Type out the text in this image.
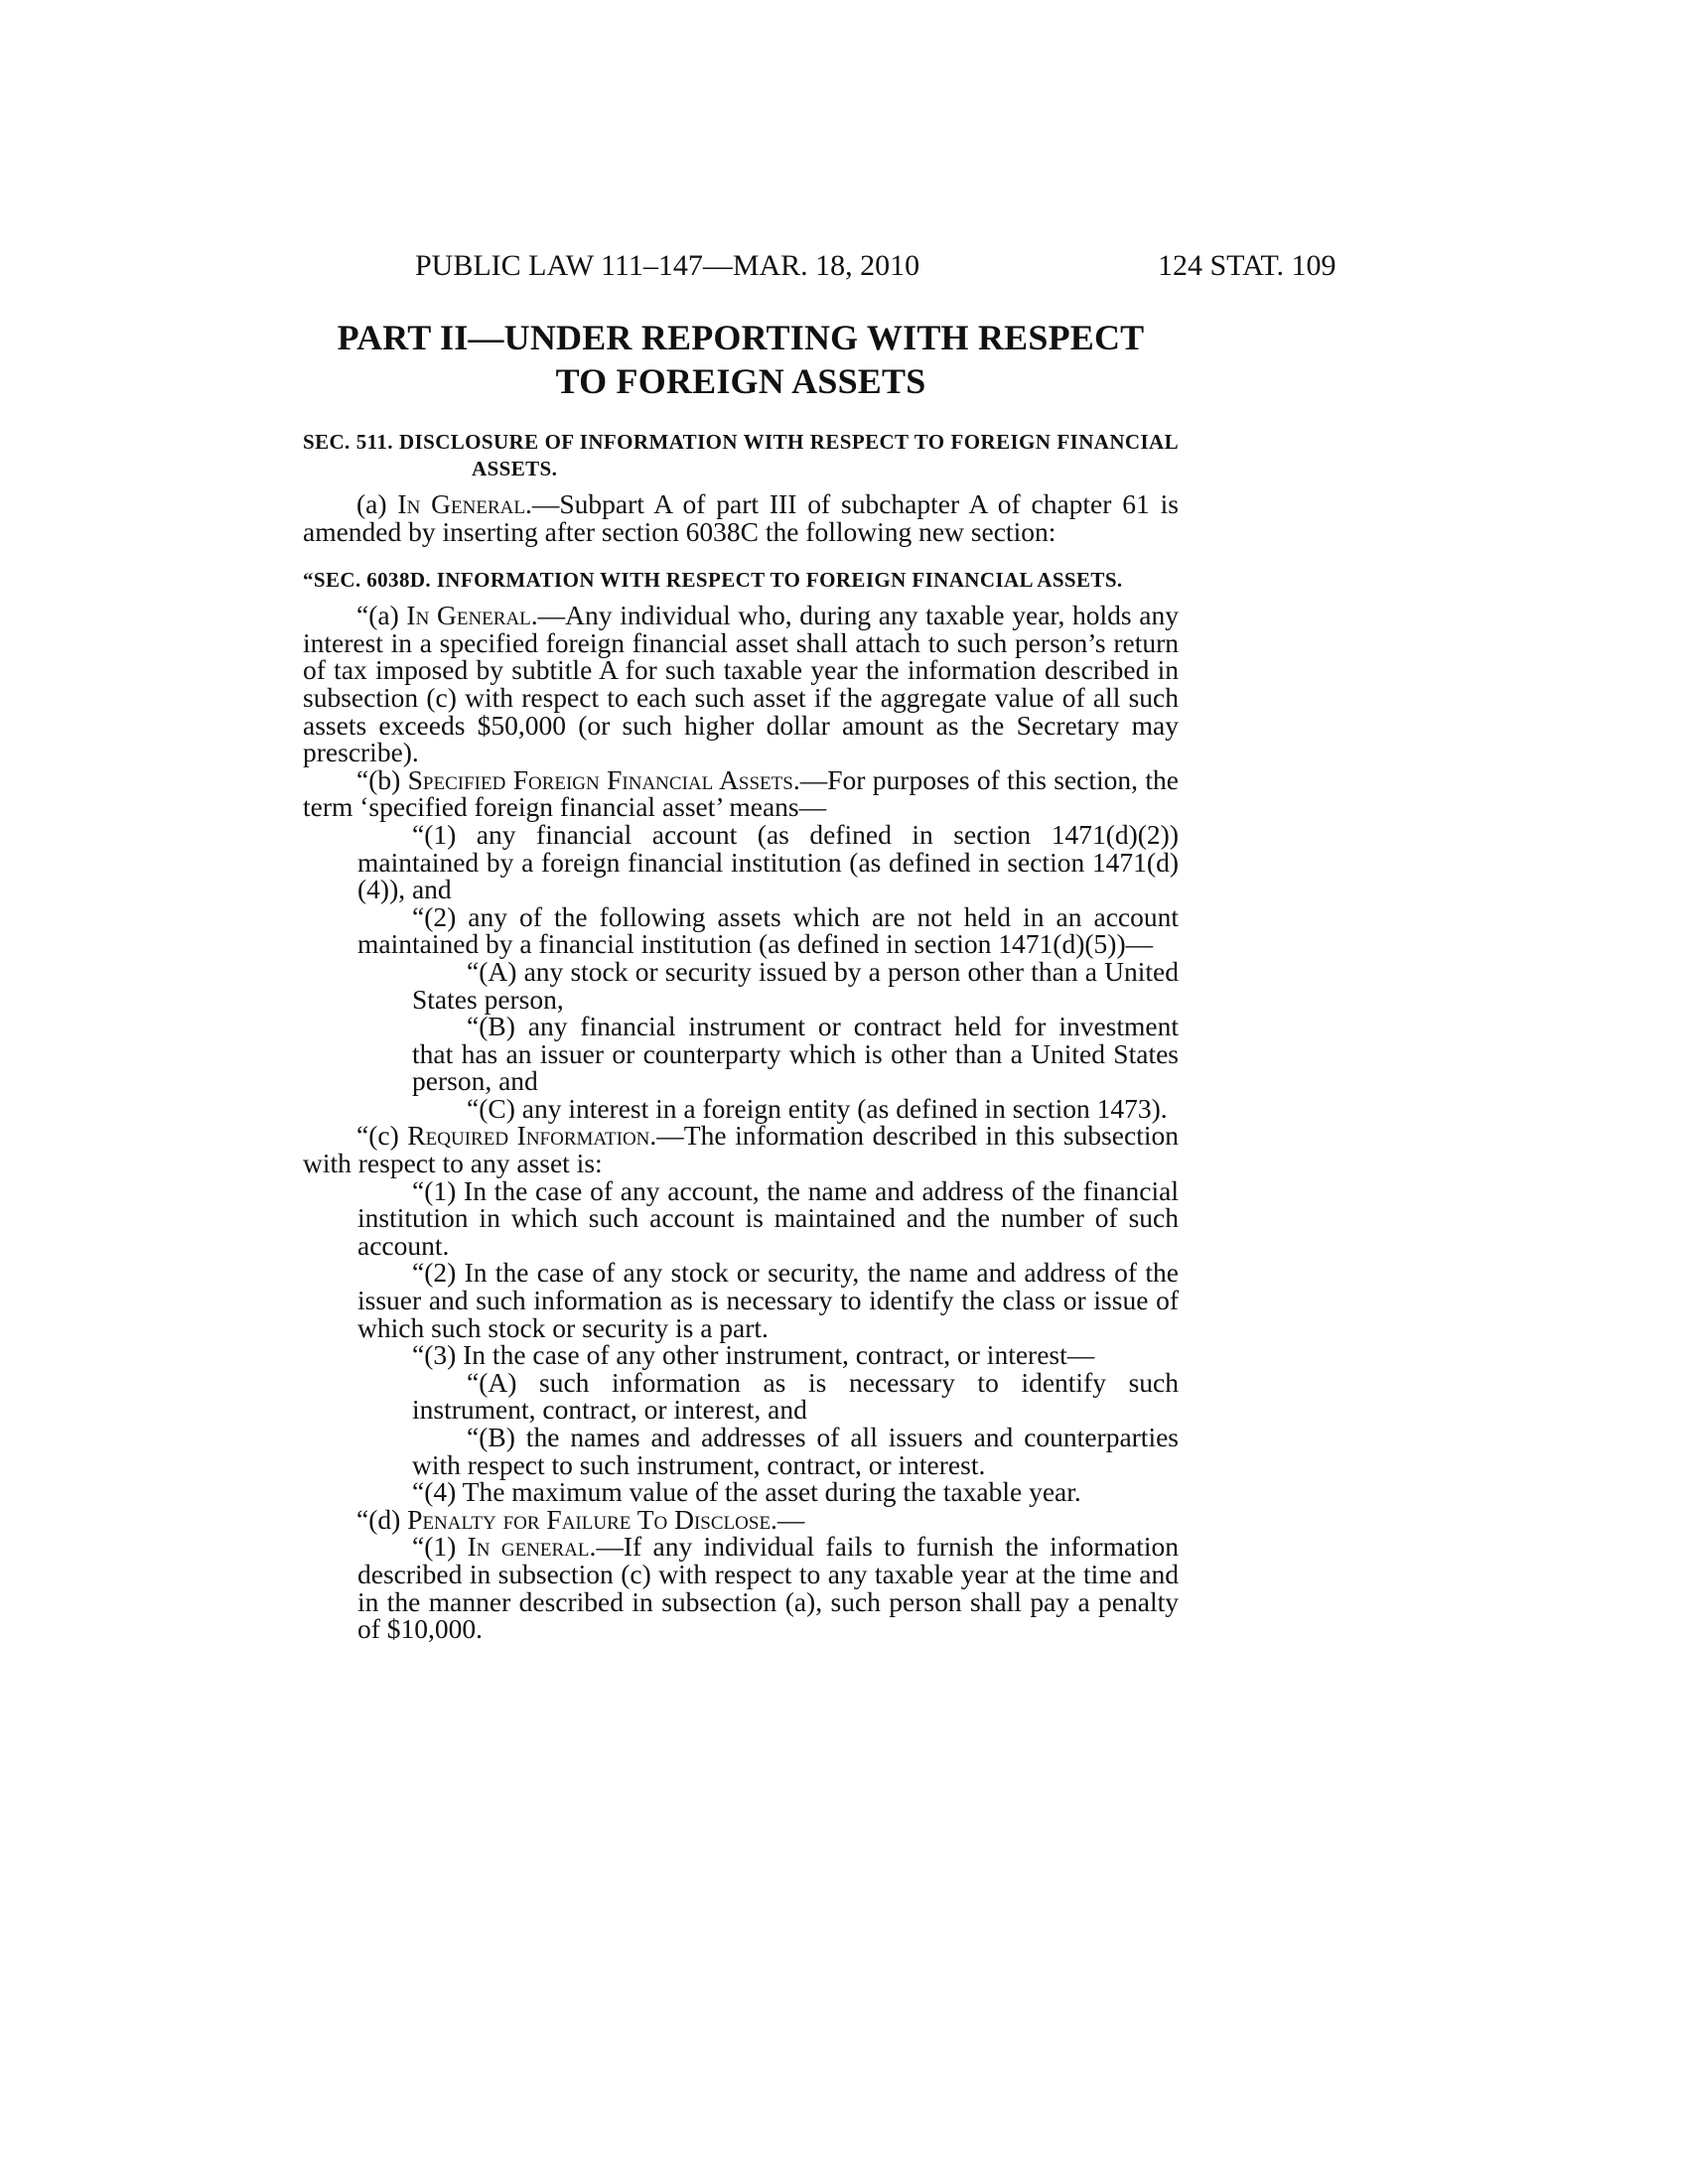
PUBLIC LAW 111–147—MAR. 18, 2010	124 STAT. 109
PART II—UNDER REPORTING WITH RESPECT
TO FOREIGN ASSETS
SEC. 511. DISCLOSURE OF INFORMATION WITH RESPECT TO FOREIGN FINANCIAL ASSETS.

(a) In General.—Subpart A of part III of subchapter A of chapter 61 is amended by inserting after section 6038C the following new section:

“SEC. 6038D. INFORMATION WITH RESPECT TO FOREIGN FINANCIAL ASSETS.

“(a) In General.—Any individual who, during any taxable year, holds any interest in a specified foreign financial asset shall attach to such person’s return of tax imposed by subtitle A for such taxable year the information described in subsection (c) with respect to each such asset if the aggregate value of all such assets exceeds $50,000 (or such higher dollar amount as the Secretary may prescribe).

“(b) Specified Foreign Financial Assets.—For purposes of this section, the term ‘specified foreign financial asset’ means—

“(1) any financial account (as defined in section 1471(d)(2)) maintained by a foreign financial institution (as defined in section 1471(d)(4)), and

“(2) any of the following assets which are not held in an account maintained by a financial institution (as defined in section 1471(d)(5))—

“(A) any stock or security issued by a person other than a United States person,

“(B) any financial instrument or contract held for investment that has an issuer or counterparty which is other than a United States person, and

“(C) any interest in a foreign entity (as defined in section 1473).

“(c) Required Information.—The information described in this subsection with respect to any asset is:

“(1) In the case of any account, the name and address of the financial institution in which such account is maintained and the number of such account.

“(2) In the case of any stock or security, the name and address of the issuer and such information as is necessary to identify the class or issue of which such stock or security is a part.

“(3) In the case of any other instrument, contract, or interest—

“(A) such information as is necessary to identify such instrument, contract, or interest, and

“(B) the names and addresses of all issuers and counterparties with respect to such instrument, contract, or interest.

“(4) The maximum value of the asset during the taxable year.

“(d) Penalty for Failure To Disclose.—

“(1) In general.—If any individual fails to furnish the information described in subsection (c) with respect to any taxable year at the time and in the manner described in subsection (a), such person shall pay a penalty of $10,000.
